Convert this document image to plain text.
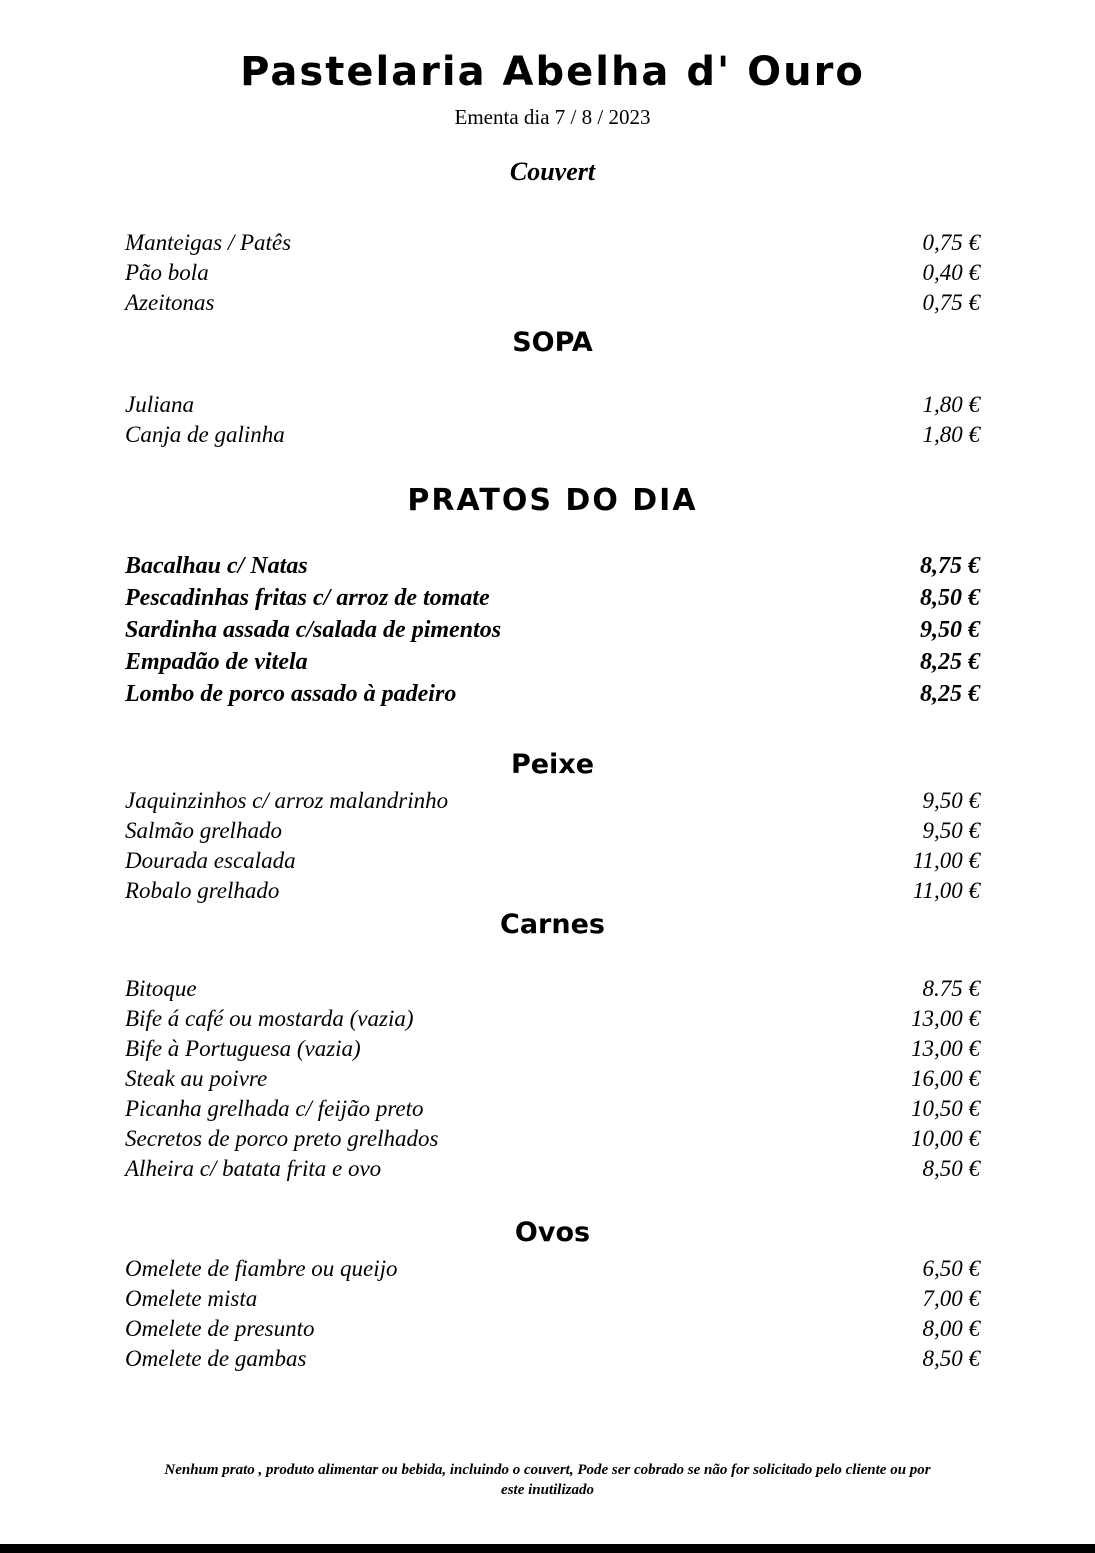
Pastelaria Abelha d' Ouro
Ementa dia 7 / 8 / 2023
Couvert
Manteigas / Patês	0,75 €
Pão bola	0,40 €
Azeitonas	0,75 €
SOPA
Juliana	1,80 €
Canja de galinha	1,80 €
PRATOS DO DIA
Bacalhau c/ Natas	8,75 €
Pescadinhas fritas c/ arroz de tomate	8,50 €
Sardinha assada c/salada de pimentos	9,50 €
Empadão de vitela	8,25 €
Lombo de porco assado à padeiro	8,25 €
Peixe
Jaquinzinhos c/ arroz malandrinho	9,50 €
Salmão grelhado	9,50 €
Dourada escalada	11,00 €
Robalo grelhado	11,00 €
Carnes
Bitoque	8.75 €
Bife á café ou mostarda (vazia)	13,00 €
Bife à Portuguesa (vazia)	13,00 €
Steak au poivre	16,00 €
Picanha grelhada c/ feijão preto	10,50 €
Secretos de porco preto grelhados	10,00 €
Alheira c/ batata frita e ovo	8,50 €
Ovos
Omelete de fiambre ou queijo	6,50 €
Omelete mista	7,00 €
Omelete de presunto	8,00 €
Omelete de gambas	8,50 €
Nenhum prato , produto alimentar ou bebida, incluindo o couvert, Pode ser cobrado se não for solicitado pelo cliente ou por
este inutilizado
